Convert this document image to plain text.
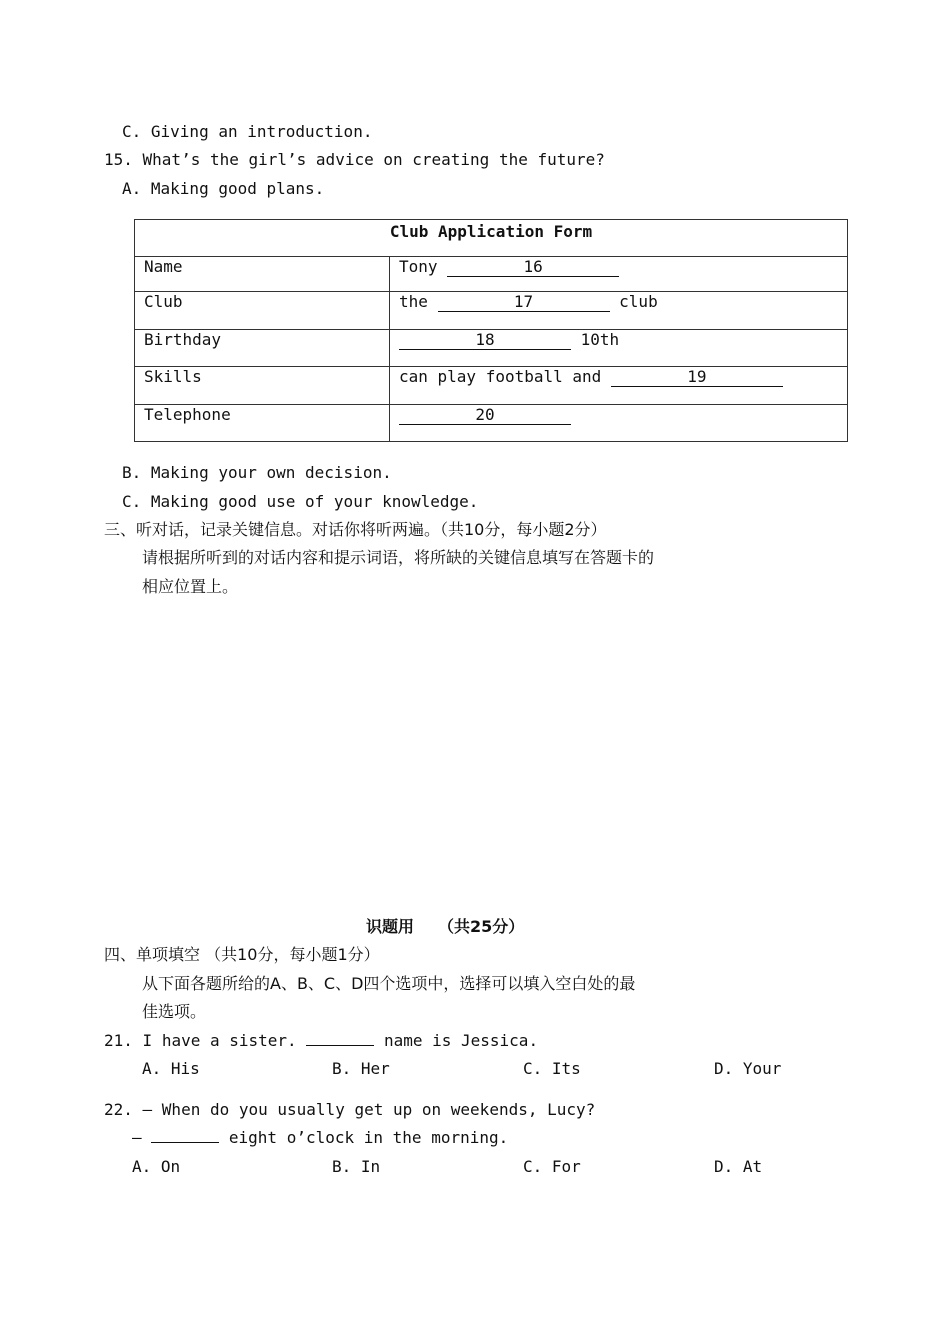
C. Giving an introduction.
15. What’s the girl’s advice on creating the future?
A. Making good plans.
Club Application Form	
Name	Tony 16
Club	the 17 club
Birthday	18 10th
Skills	can play football and 19
Telephone	20
B. Making your own decision.
C. Making good use of your knowledge.
三、听对话，记录关键信息。对话你将听两遍。（共10分，每小题2分）
请根据所听到的对话内容和提示词语，将所缺的关键信息填写在答题卡的
相应位置上。
识题用　　（共25分）
四、单项填空 （共10分，每小题1分）
从下面各题所给的A、B、C、D四个选项中，选择可以填入空白处的最
佳选项。
21. I have a sister.	name is Jessica.
A. His	B. Her	C. Its	D. Your
22. — When do you usually get up on weekends, Lucy?
—	eight o’clock in the morning.
A. On	B. In	C. For	D. At
